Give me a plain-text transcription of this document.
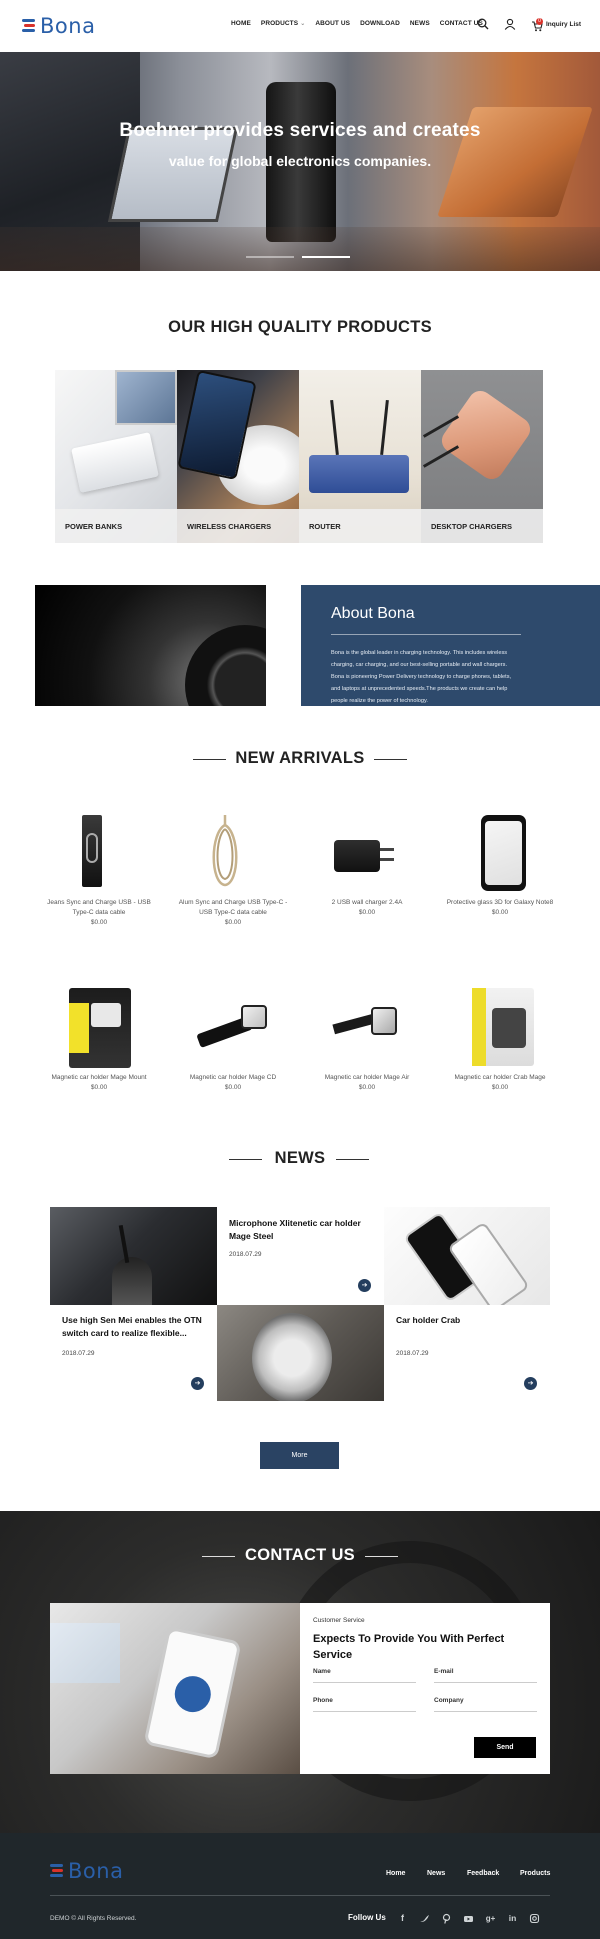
Bona	HOME PRODUCTS ⌄ ABOUT US DOWNLOAD NEWS CONTACT US	0 Inquiry List
Boehner provides services and creates
value for global electronics companies.
OUR HIGH QUALITY PRODUCTS
POWER BANKS	WIRELESS CHARGERS	ROUTER	DESKTOP CHARGERS
About Bona
Bona is the global leader in charging technology. This includes wireless charging, car charging, and our best-selling portable and wall chargers. Bona is pioneering Power Delivery technology to charge phones, tablets, and laptops at unprecedented speeds.The products we create can help people realize the power of technology.
NEW ARRIVALS
Jeans Sync and Charge USB - USB Type-C data cable
$0.00
Alum Sync and Charge USB Type-C - USB Type-C data cable
$0.00
2 USB wall charger 2.4A
$0.00
Protective glass 3D for Galaxy Note8
$0.00
Magnetic car holder Mage Mount
$0.00
Magnetic car holder Mage CD
$0.00
Magnetic car holder Mage Air
$0.00
Magnetic car holder Crab Mage
$0.00
NEWS
Microphone Xlitenetic car holder Mage Steel
2018.07.29
➔
Use high Sen Mei enables the OTN switch card to realize flexible...
2018.07.29
➔
Car holder Crab
2018.07.29
➔
More
CONTACT US
Customer Service
Expects To Provide You With Perfect Service
Name	E-mail
Phone	Company
Send
Bona	Home	News	Feedback	Products
DEMO © All Rights Reserved.	Follow Us	f	g+ in
